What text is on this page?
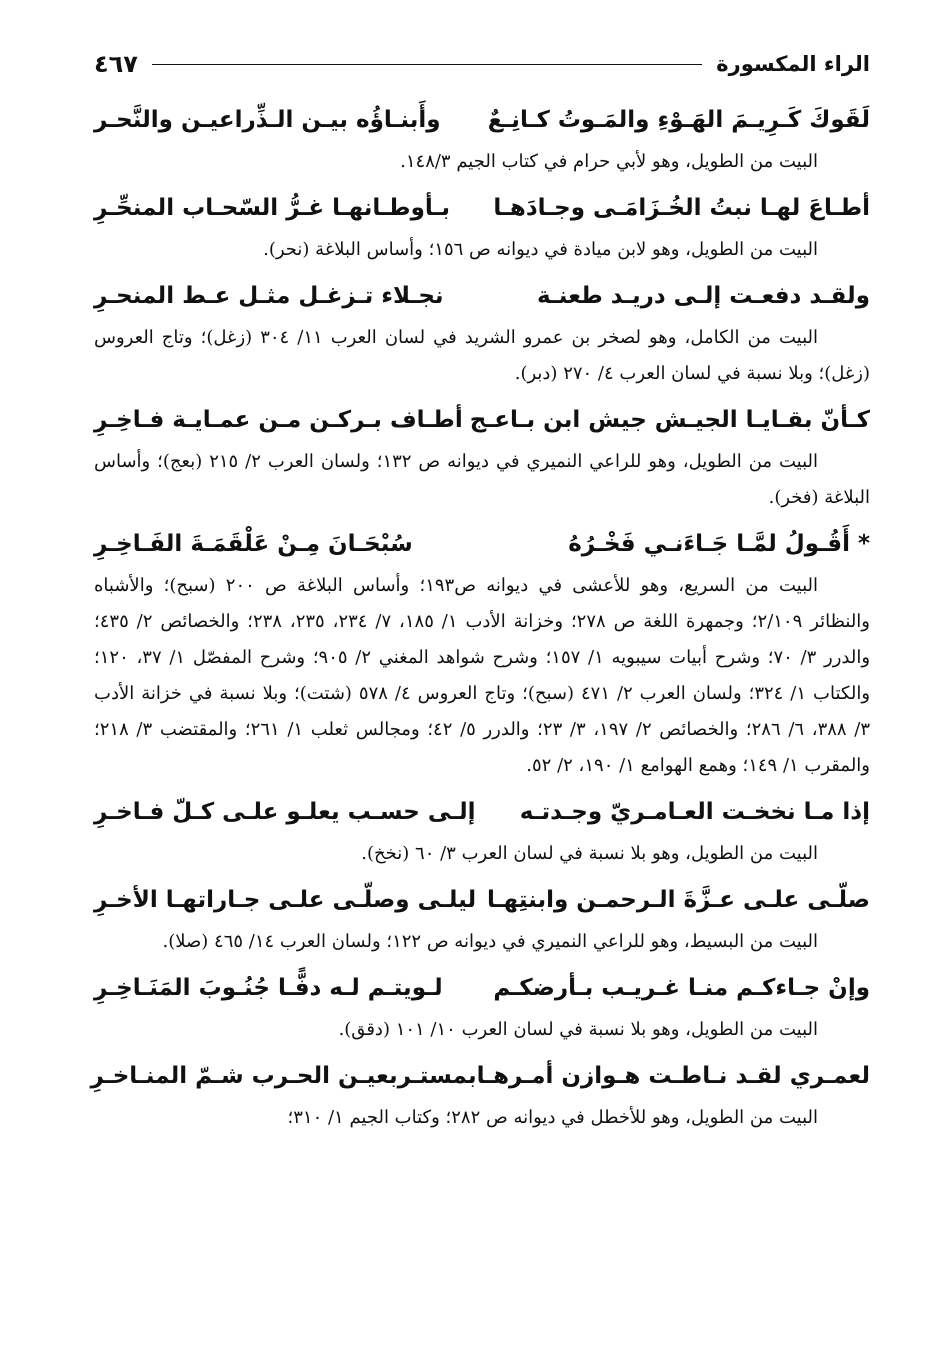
الراء المكسورة
٤٦٧
لَقَوكَ كَـرِيـمَ الهَـوْءِ والمَـوتُ كـانِـعٌ
وأَبنـاؤُه بيـن الـذِّراعيـن والنَّحـر

البيت من الطويل، وهو لأبي حرام في كتاب الجيم ١٤٨/٣.

أطـاعَ لهـا نبتُ الخُـزَامَـى وجـادَهـا
بـأوطـانهـا غـرُّ السّحـاب المنحِّـرِ

البيت من الطويل، وهو لابن ميادة في ديوانه ص ١٥٦؛ وأساس البلاغة (نحر).

ولقـد دفعـت إلـى دريـد طعنـة
نجـلاء تـزغـل مثـل عـط المنحـرِ

البيت من الكامل، وهو لصخر بن عمرو الشريد في لسان العرب ١١/ ٣٠٤ (زغل)؛ وتاج العروس (زغل)؛ وبلا نسبة في لسان العرب ٤/ ٢٧٠ (دبر).

كـأنّ بقـايـا الجيـش جيش ابن بـاعـج
أطـاف بـركـن مـن عمـايـة فـاخِـرِ

البيت من الطويل، وهو للراعي النميري في ديوانه ص ١٣٢؛ ولسان العرب ٢/ ٢١٥ (بعج)؛ وأساس البلاغة (فخر).

* أَقُـولُ لمَّـا جَـاءَنـي فَخْـرُهُ
سُبْحَـانَ مِـنْ عَلْقَمَـةَ الفَـاخِـرِ

البيت من السريع، وهو للأعشى في ديوانه ص١٩٣؛ وأساس البلاغة ص ٢٠٠ (سبح)؛ والأشباه والنظائر ٢/١٠٩؛ وجمهرة اللغة ص ٢٧٨؛ وخزانة الأدب ١/ ١٨٥، ٧/ ٢٣٤، ٢٣٥، ٢٣٨؛ والخصائص ٢/ ٤٣٥؛ والدرر ٣/ ٧٠؛ وشرح أبيات سيبويه ١/ ١٥٧؛ وشرح شواهد المغني ٢/ ٩٠٥؛ وشرح المفصّل ١/ ٣٧، ١٢٠؛ والكتاب ١/ ٣٢٤؛ ولسان العرب ٢/ ٤٧١ (سبح)؛ وتاج العروس ٤/ ٥٧٨ (شتت)؛ وبلا نسبة في خزانة الأدب ٣/ ٣٨٨، ٦/ ٢٨٦؛ والخصائص ٢/ ١٩٧، ٣/ ٢٣؛ والدرر ٥/ ٤٢؛ ومجالس ثعلب ١/ ٢٦١؛ والمقتضب ٣/ ٢١٨؛ والمقرب ١/ ١٤٩؛ وهمع الهوامع ١/ ١٩٠، ٢/ ٥٢.

إذا مـا نخخـت العـامـريّ وجـدتـه
إلـى حسـب يعلـو علـى كـلّ فـاخـرِ

البيت من الطويل، وهو بلا نسبة في لسان العرب ٣/ ٦٠ (نخخ).

صلّـى علـى عـزَّةَ الـرحمـن وابنتِهـا
ليلـى وصلّـى علـى جـاراتهـا الأخـرِ

البيت من البسيط، وهو للراعي النميري في ديوانه ص ١٢٢؛ ولسان العرب ١٤/ ٤٦٥ (صلا).

وإنْ جـاءكـم منـا غـريـب بـأرضكـم
لـويتـم لـه دفًّـا جُنُـوبَ المَنَـاخِـرِ

البيت من الطويل، وهو بلا نسبة في لسان العرب ١٠/ ١٠١ (دقق).

لعمـري لقـد نـاطـت هـوازن أمـرهـا
بمستـربعيـن الحـرب شـمّ المنـاخـرِ

البيت من الطويل، وهو للأخطل في ديوانه ص ٢٨٢؛ وكتاب الجيم ١/ ٣١٠؛
